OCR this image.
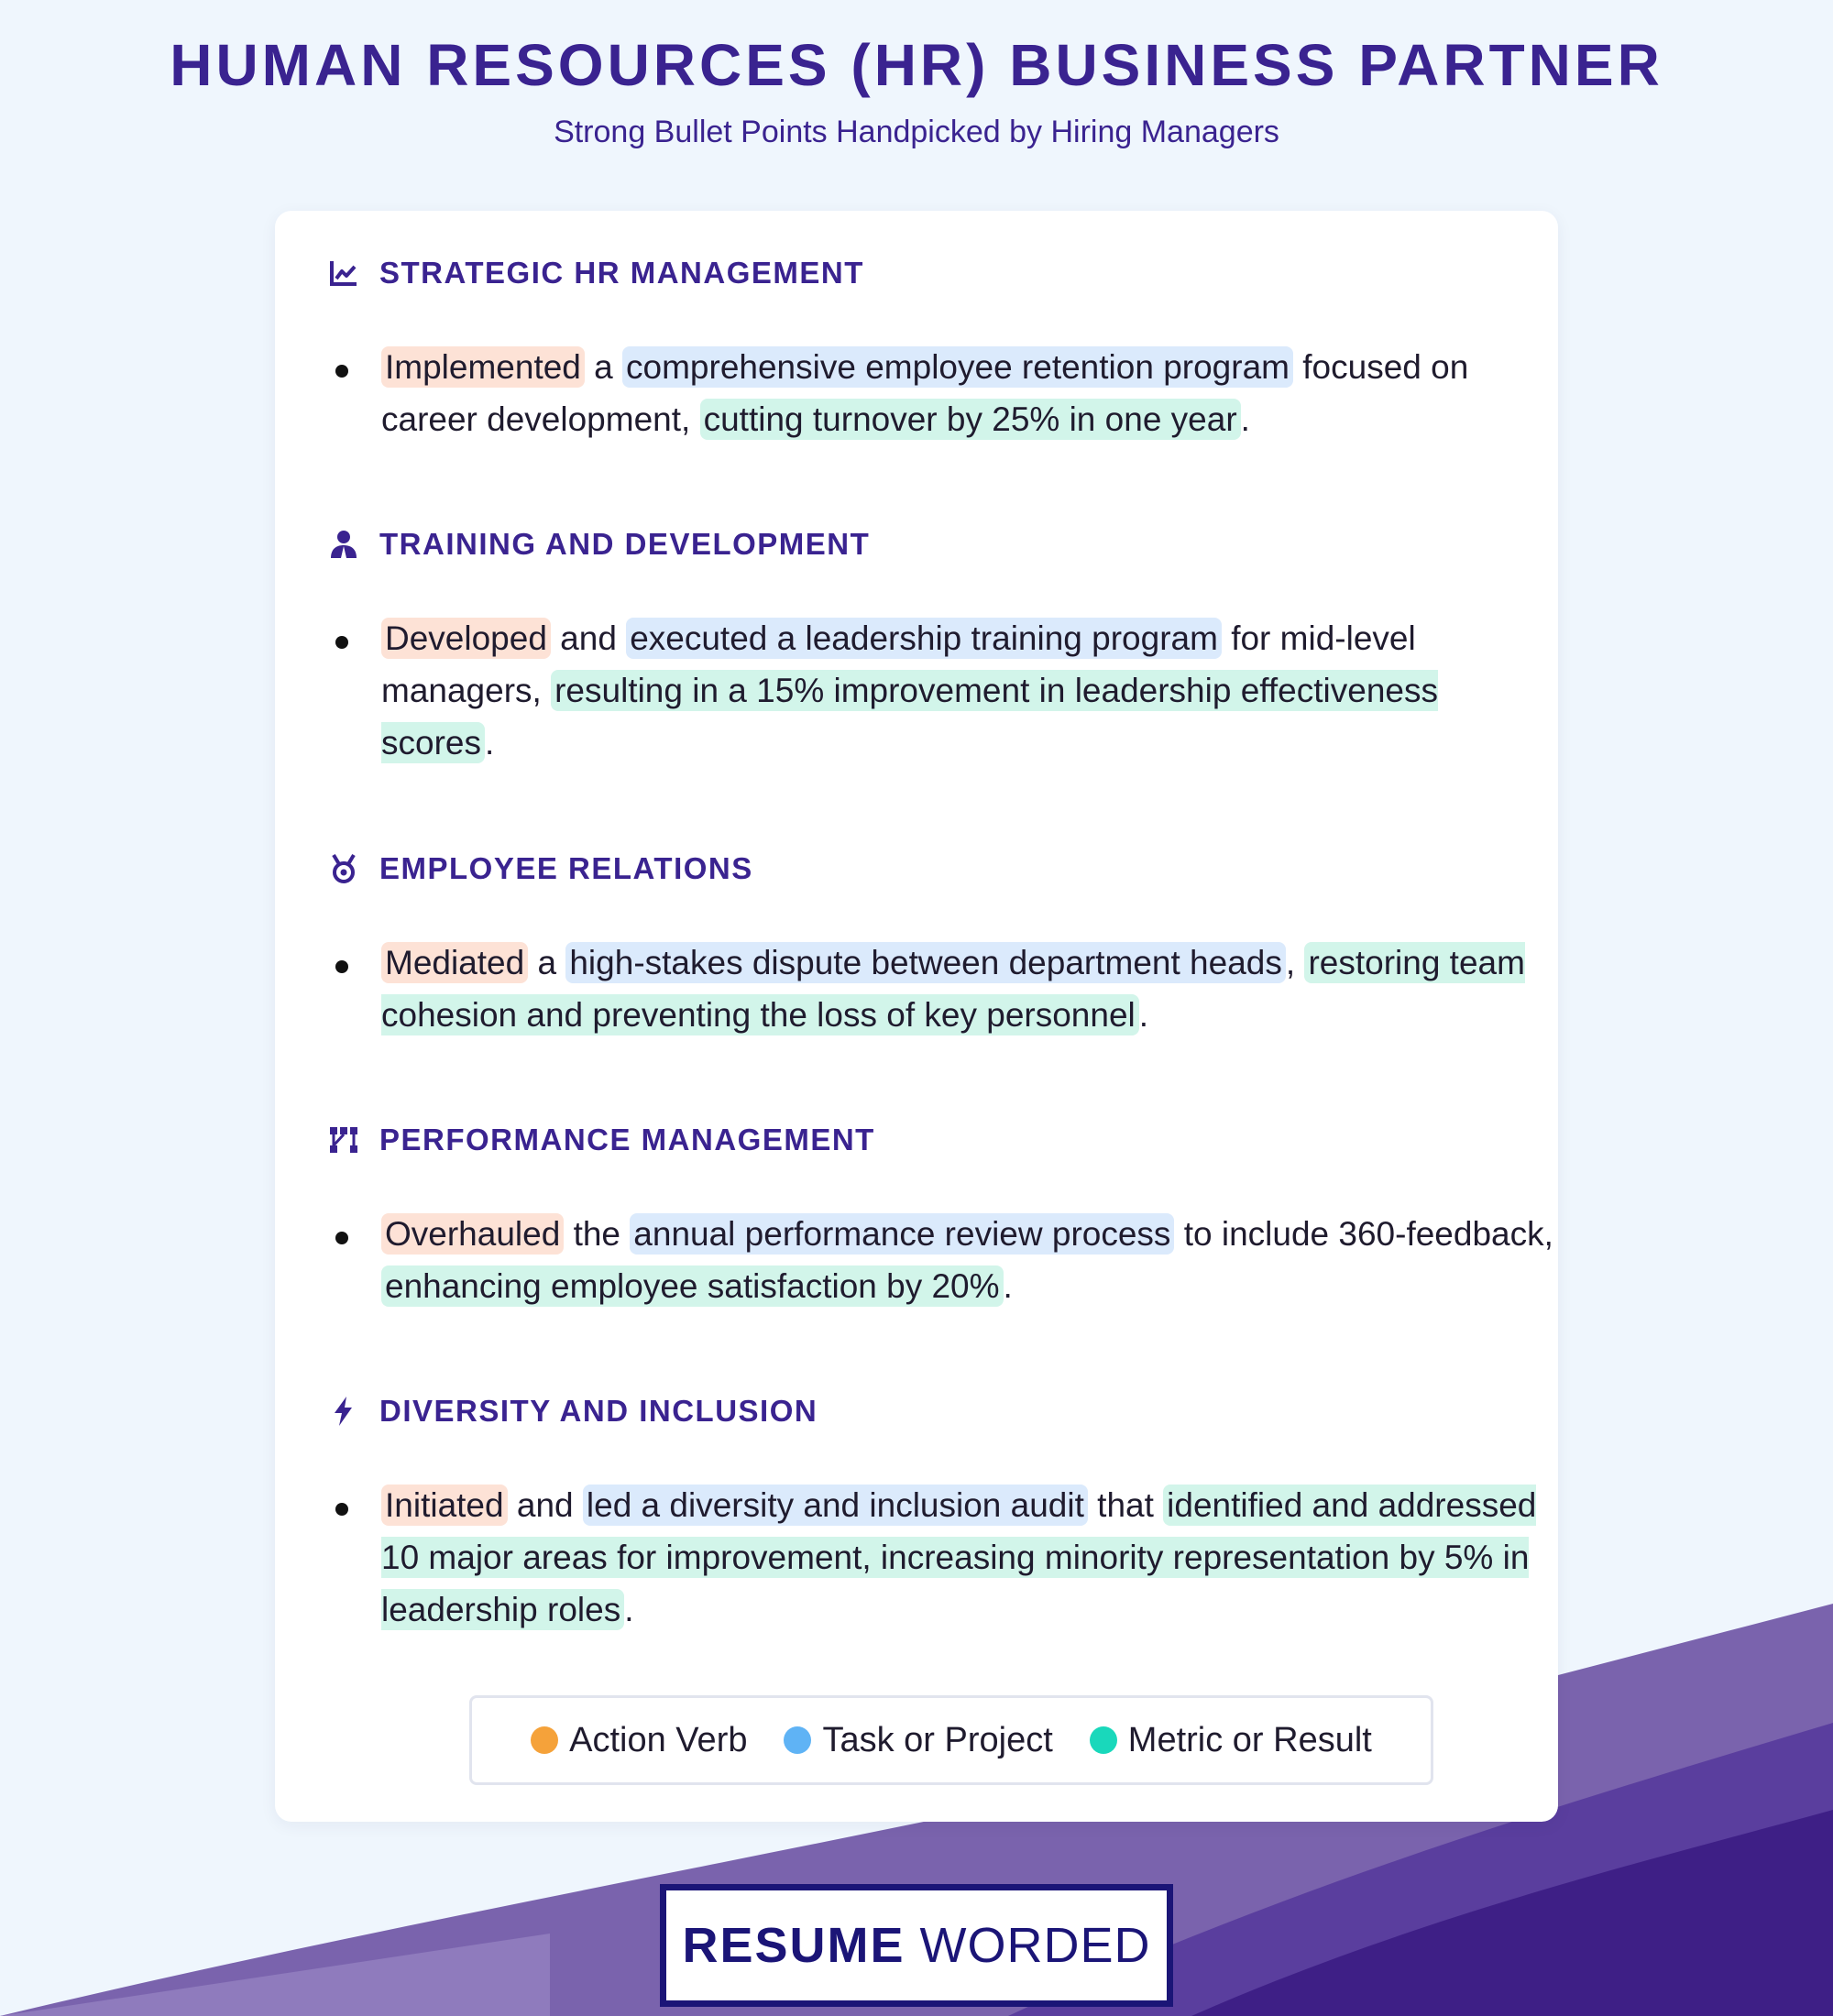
HUMAN RESOURCES (HR) BUSINESS PARTNER
Strong Bullet Points Handpicked by Hiring Managers
STRATEGIC HR MANAGEMENT
Implemented a comprehensive employee retention program focused on career development, cutting turnover by 25% in one year .
TRAINING AND DEVELOPMENT
Developed and executed a leadership training program for mid-level managers, resulting in a 15% improvement in leadership effectiveness scores .
EMPLOYEE RELATIONS
Mediated a high-stakes dispute between department heads , restoring team cohesion and preventing the loss of key personnel .
PERFORMANCE MANAGEMENT
Overhauled the annual performance review process to include 360-feedback, enhancing employee satisfaction by 20% .
DIVERSITY AND INCLUSION
Initiated and led a diversity and inclusion audit that identified and addressed 10 major areas for improvement, increasing minority representation by 5% in leadership roles .
Action Verb Task or Project Metric or Result
RESUME WORDED
